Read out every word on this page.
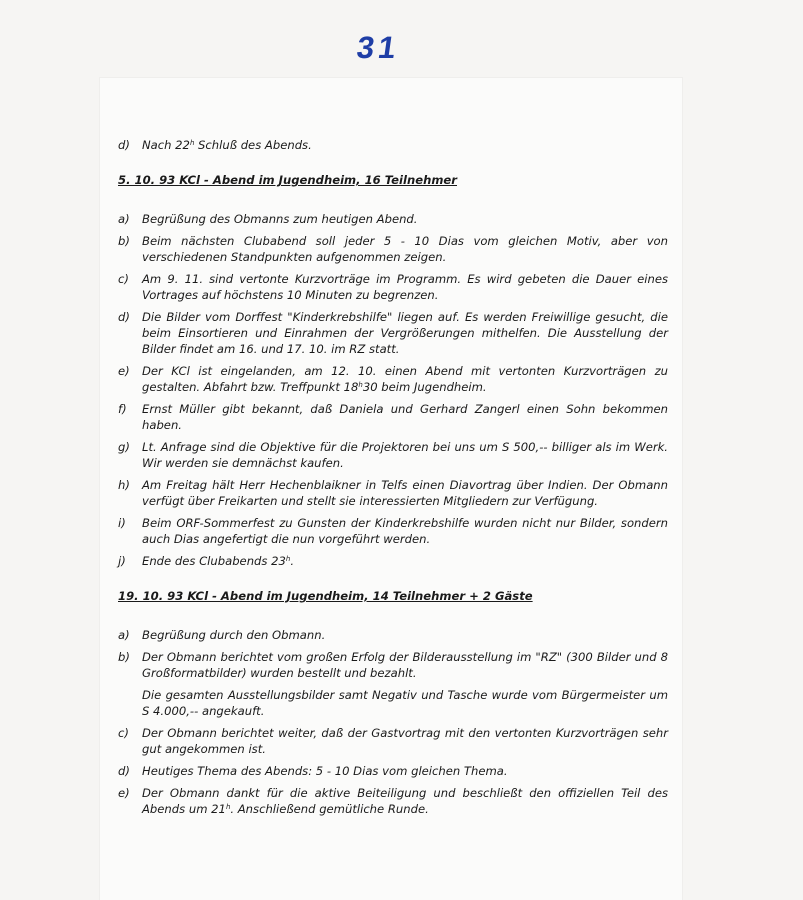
31
d)	Nach 22$^h$ Schluß des Abends.
5. 10. 93 KCl - Abend im Jugendheim, 16 Teilnehmer
a)	Begrüßung des Obmanns zum heutigen Abend.
b)	Beim nächsten Clubabend soll jeder 5 - 10 Dias vom gleichen Motiv, aber von verschiedenen Standpunkten aufgenommen zeigen.
c)	Am 9. 11. sind vertonte Kurzvorträge im Programm. Es wird gebeten die Dauer eines Vortrages auf höchstens 10 Minuten zu begrenzen.
d)	Die Bilder vom Dorffest "Kinderkrebshilfe" liegen auf. Es werden Freiwillige gesucht, die beim Einsortieren und Einrahmen der Vergrößerungen mithelfen. Die Ausstellung der Bilder findet am 16. und 17. 10. im RZ statt.
e)	Der KCl ist eingelanden, am 12. 10. einen Abend mit vertonten Kurzvorträgen zu gestalten. Abfahrt bzw. Treffpunkt 18$^h$30 beim Jugendheim.
f)	Ernst Müller gibt bekannt, daß Daniela und Gerhard Zangerl einen Sohn bekommen haben.
g)	Lt. Anfrage sind die Objektive für die Projektoren bei uns um S 500,-- billiger als im Werk. Wir werden sie demnächst kaufen.
h)	Am Freitag hält Herr Hechenblaikner in Telfs einen Diavortrag über Indien. Der Obmann verfügt über Freikarten und stellt sie interessierten Mitgliedern zur Verfügung.
i)	Beim ORF-Sommerfest zu Gunsten der Kinderkrebshilfe wurden nicht nur Bilder, sondern auch Dias angefertigt die nun vorgeführt werden.
j)	Ende des Clubabends 23$^h$.
19. 10. 93 KCl - Abend im Jugendheim, 14 Teilnehmer + 2 Gäste
a)	Begrüßung durch den Obmann.
b)	Der Obmann berichtet vom großen Erfolg der Bilderausstellung im "RZ" (300 Bilder und 8 Großformatbilder) wurden bestellt und bezahlt.

Die gesamten Ausstellungsbilder samt Negativ und Tasche wurde vom Bürgermeister um S 4.000,-- angekauft.

c)	Der Obmann berichtet weiter, daß der Gastvortrag mit den vertonten Kurzvorträgen sehr gut angekommen ist.
d)	Heutiges Thema des Abends: 5 - 10 Dias vom gleichen Thema.
e)	Der Obmann dankt für die aktive Beiteiligung und beschließt den offiziellen Teil des Abends um 21$^h$. Anschließend gemütliche Runde.
